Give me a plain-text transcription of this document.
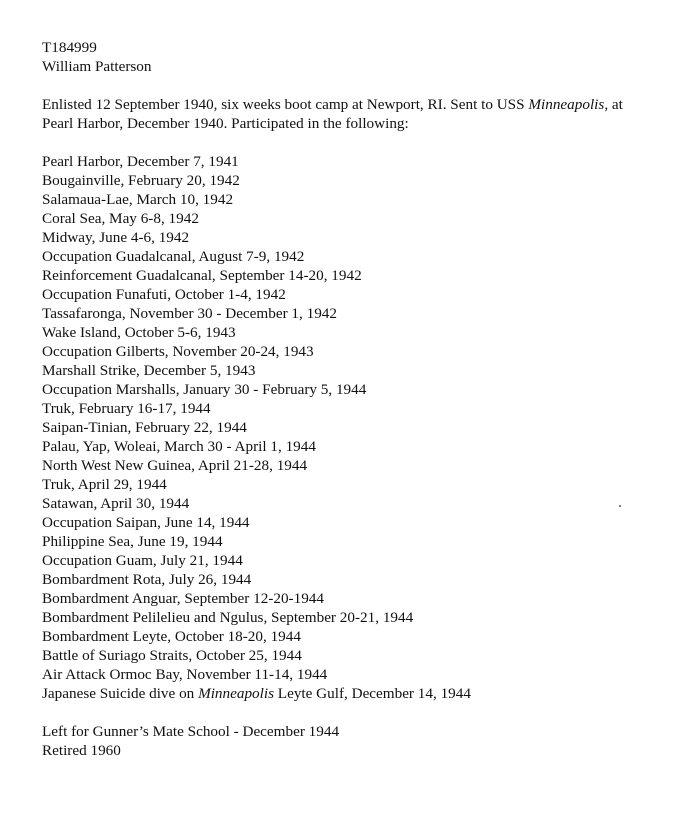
T184999
William Patterson
Enlisted 12 September 1940, six weeks boot camp at Newport, RI. Sent to USS Minneapolis, at
Pearl Harbor, December 1940. Participated in the following:
Pearl Harbor, December 7, 1941
Bougainville, February 20, 1942
Salamaua-Lae, March 10, 1942
Coral Sea, May 6-8, 1942
Midway, June 4-6, 1942
Occupation Guadalcanal, August 7-9, 1942
Reinforcement Guadalcanal, September 14-20, 1942
Occupation Funafuti, October 1-4, 1942
Tassafaronga, November 30 - December 1, 1942
Wake Island, October 5-6, 1943
Occupation Gilberts, November 20-24, 1943
Marshall Strike, December 5, 1943
Occupation Marshalls, January 30 - February 5, 1944
Truk, February 16-17, 1944
Saipan-Tinian, February 22, 1944
Palau, Yap, Woleai, March 30 - April 1, 1944
North West New Guinea, April 21-28, 1944
Truk, April 29, 1944
Satawan, April 30, 1944
Occupation Saipan, June 14, 1944
Philippine Sea, June 19, 1944
Occupation Guam, July 21, 1944
Bombardment Rota, July 26, 1944
Bombardment Anguar, September 12-20-1944
Bombardment Pelilelieu and Ngulus, September 20-21, 1944
Bombardment Leyte, October 18-20, 1944
Battle of Suriago Straits, October 25, 1944
Air Attack Ormoc Bay, November 11-14, 1944
Japanese Suicide dive on Minneapolis Leyte Gulf, December 14, 1944
Left for Gunner’s Mate School - December 1944
Retired 1960
